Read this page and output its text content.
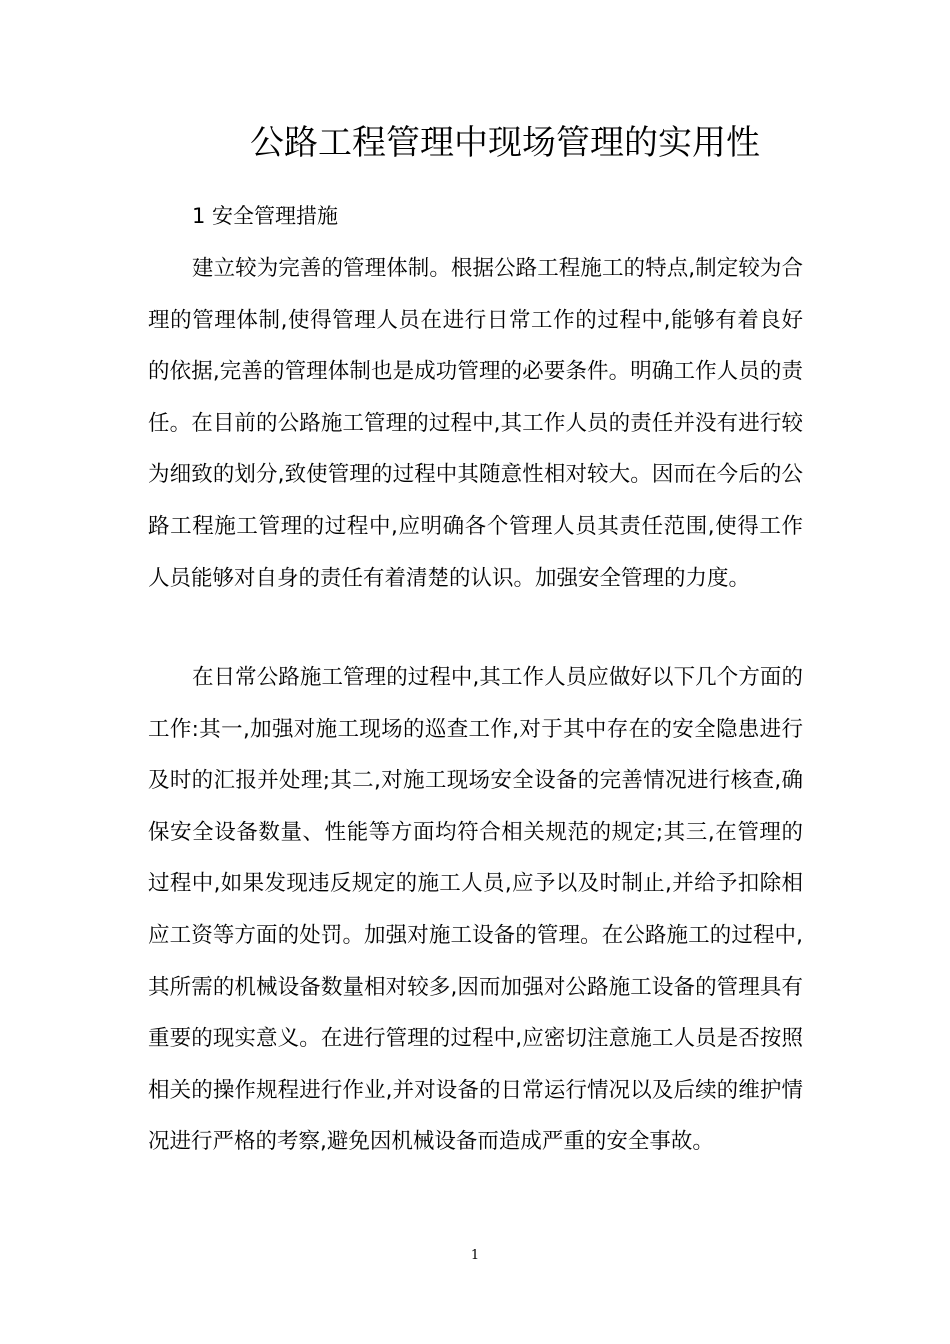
公路工程管理中现场管理的实用性

1 安全管理措施

建立较为完善的管理体制。根据公路工程施工的特点,制定较为合理的管理体制,使得管理人员在进行日常工作的过程中,能够有着良好的依据,完善的管理体制也是成功管理的必要条件。明确工作人员的责任。在目前的公路施工管理的过程中,其工作人员的责任并没有进行较为细致的划分,致使管理的过程中其随意性相对较大。因而在今后的公路工程施工管理的过程中,应明确各个管理人员其责任范围,使得工作人员能够对自身的责任有着清楚的认识。加强安全管理的力度。

在日常公路施工管理的过程中,其工作人员应做好以下几个方面的工作:其一,加强对施工现场的巡查工作,对于其中存在的安全隐患进行及时的汇报并处理;其二,对施工现场安全设备的完善情况进行核查,确保安全设备数量、性能等方面均符合相关规范的规定;其三,在管理的过程中,如果发现违反规定的施工人员,应予以及时制止,并给予扣除相应工资等方面的处罚。加强对施工设备的管理。在公路施工的过程中,其所需的机械设备数量相对较多,因而加强对公路施工设备的管理具有重要的现实意义。在进行管理的过程中,应密切注意施工人员是否按照相关的操作规程进行作业,并对设备的日常运行情况以及后续的维护情况进行严格的考察,避免因机械设备而造成严重的安全事故。

1
